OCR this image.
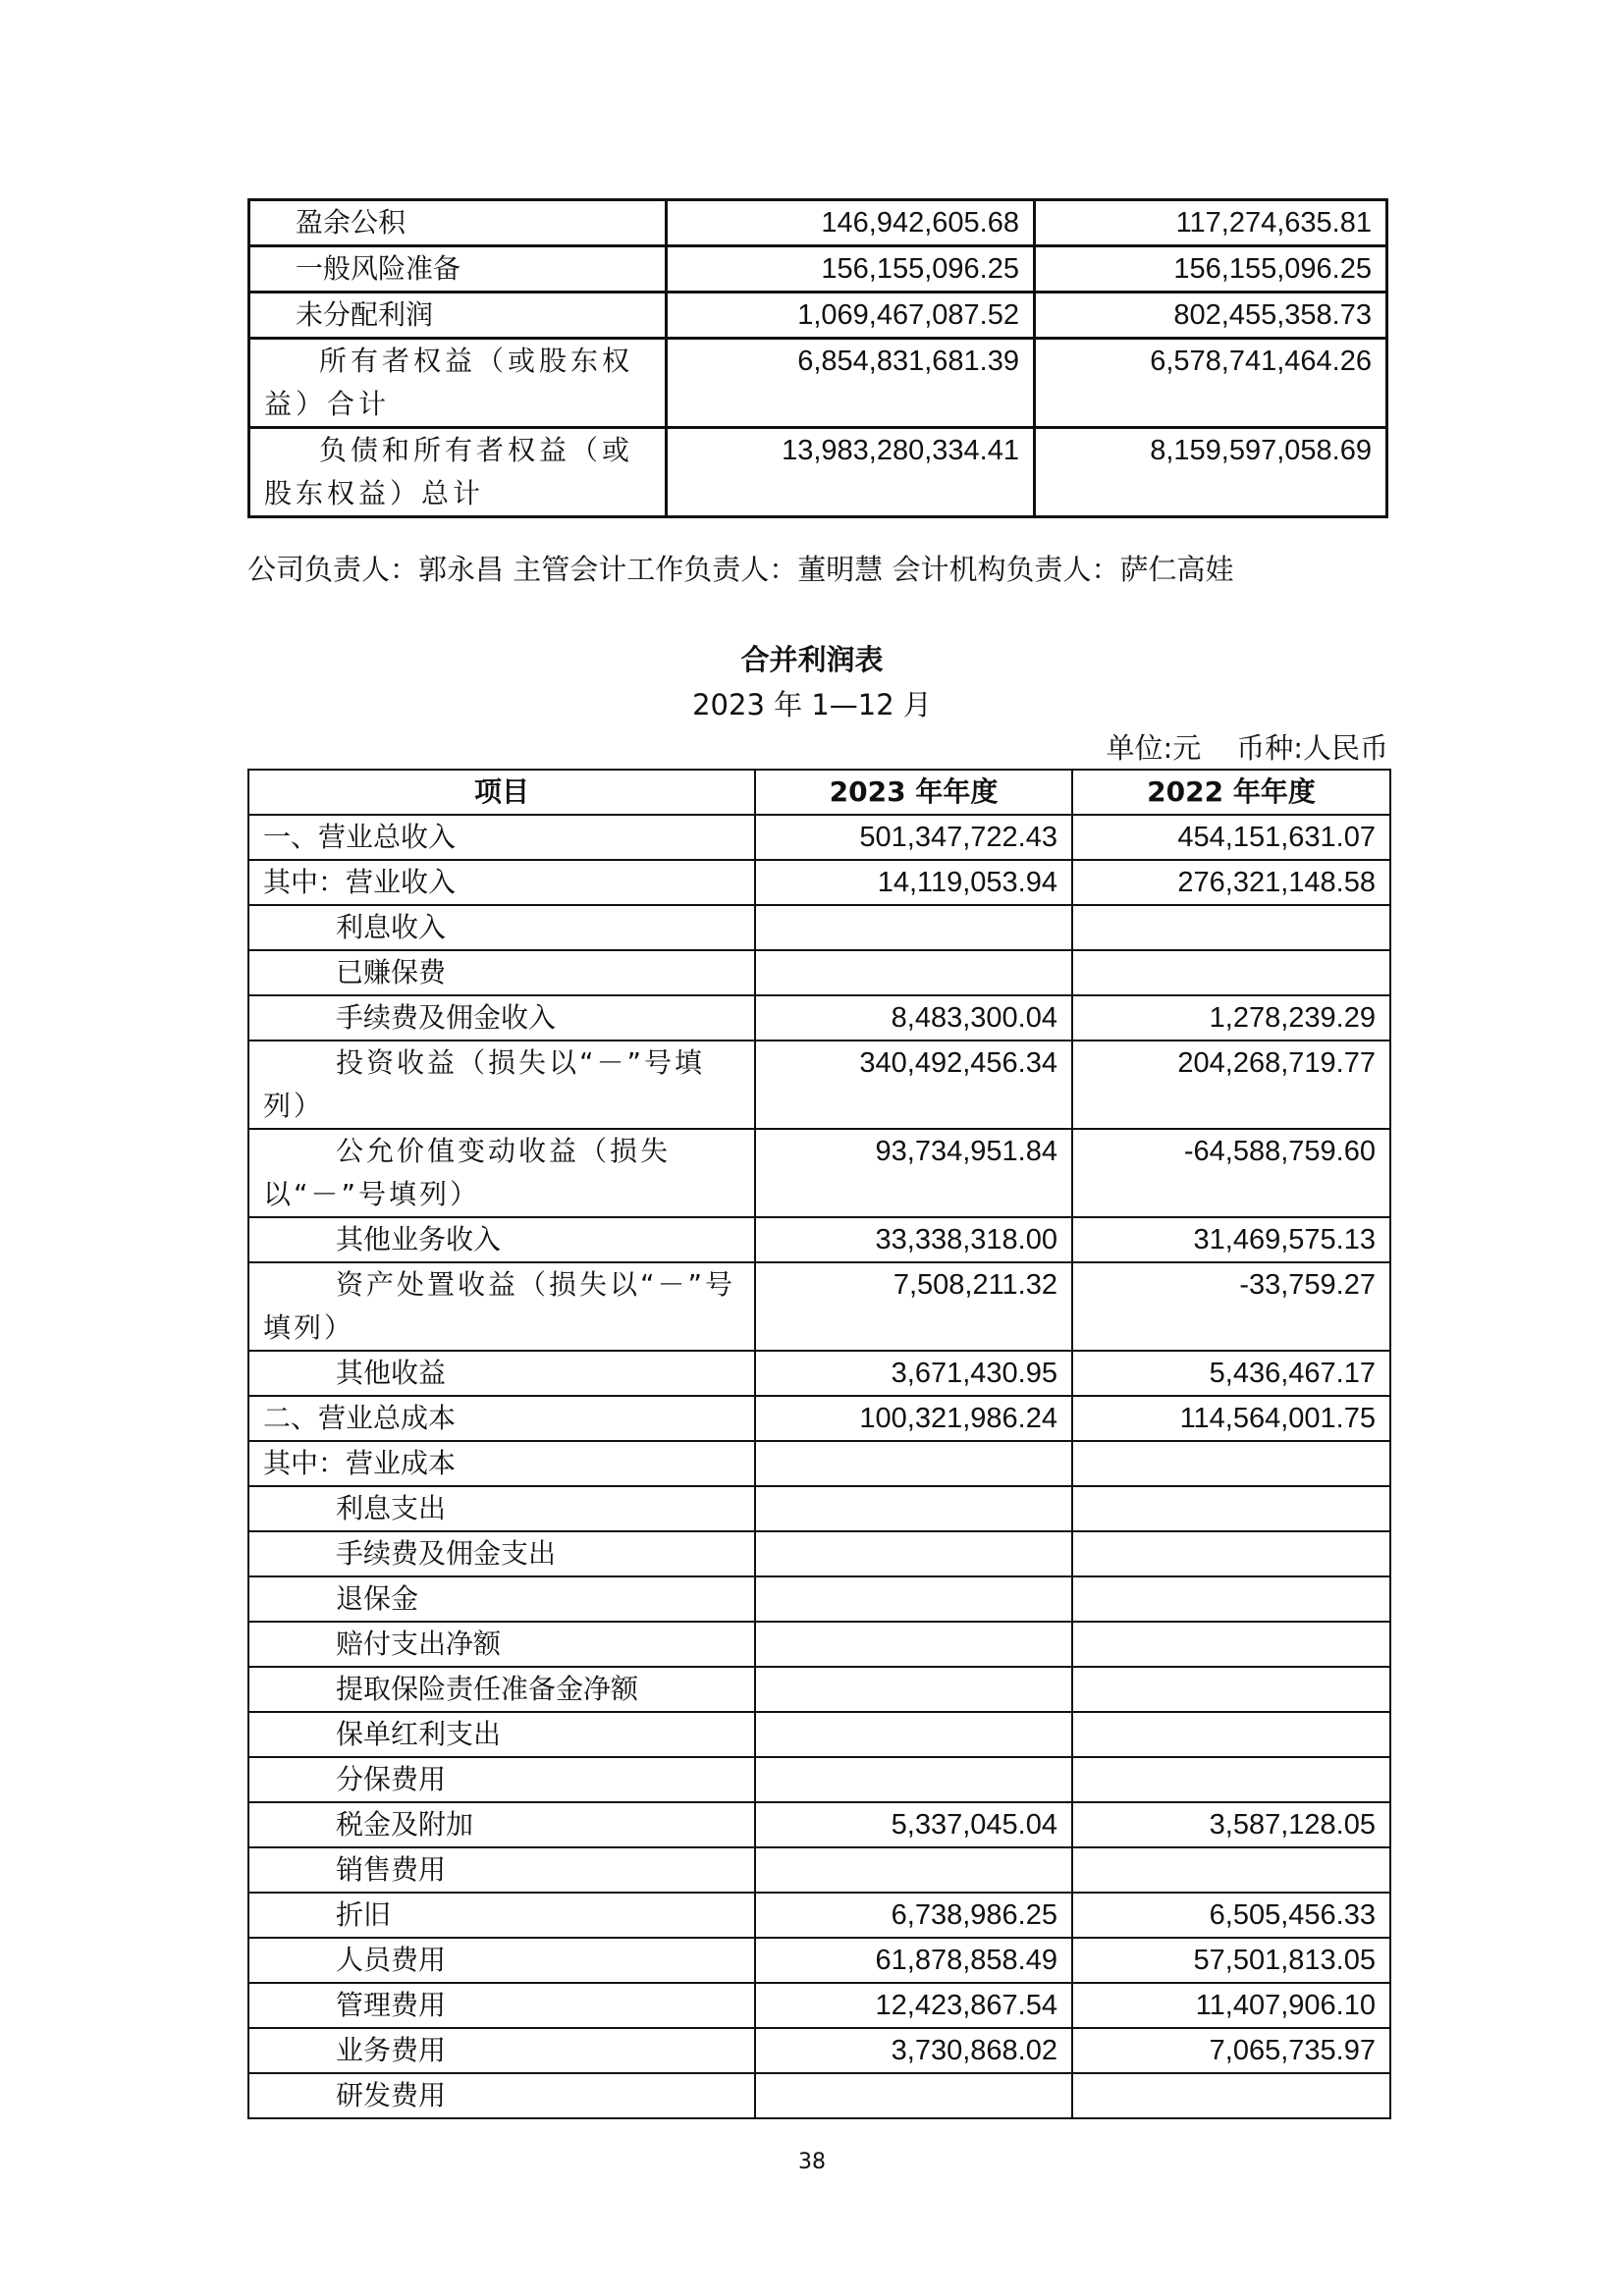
盈余公积	146,942,605.68	117,274,635.81
一般风险准备	156,155,096.25	156,155,096.25
未分配利润	1,069,467,087.52	802,455,358.73
所有者权益（或股东权益）合计	6,854,831,681.39	6,578,741,464.26
负债和所有者权益（或股东权益）总计	13,983,280,334.41	8,159,597,058.69
公司负责人：郭永昌 主管会计工作负责人：董明慧 会计机构负责人：萨仁高娃
合并利润表
2023 年 1—12 月
单位:元 币种:人民币
项目	2023 年年度	2022 年年度
一、营业总收入	501,347,722.43	454,151,631.07
其中：营业收入	14,119,053.94	276,321,148.58
利息收入		
已赚保费		
手续费及佣金收入	8,483,300.04	1,278,239.29
投资收益（损失以“－”号填列）	340,492,456.34	204,268,719.77
公允价值变动收益（损失以“－”号填列）	93,734,951.84	-64,588,759.60
其他业务收入	33,338,318.00	31,469,575.13
资产处置收益（损失以“－”号填列）	7,508,211.32	-33,759.27
其他收益	3,671,430.95	5,436,467.17
二、营业总成本	100,321,986.24	114,564,001.75
其中：营业成本		
利息支出		
手续费及佣金支出		
退保金		
赔付支出净额		
提取保险责任准备金净额		
保单红利支出		
分保费用		
税金及附加	5,337,045.04	3,587,128.05
销售费用		
折旧	6,738,986.25	6,505,456.33
人员费用	61,878,858.49	57,501,813.05
管理费用	12,423,867.54	11,407,906.10
业务费用	3,730,868.02	7,065,735.97
研发费用		
38
